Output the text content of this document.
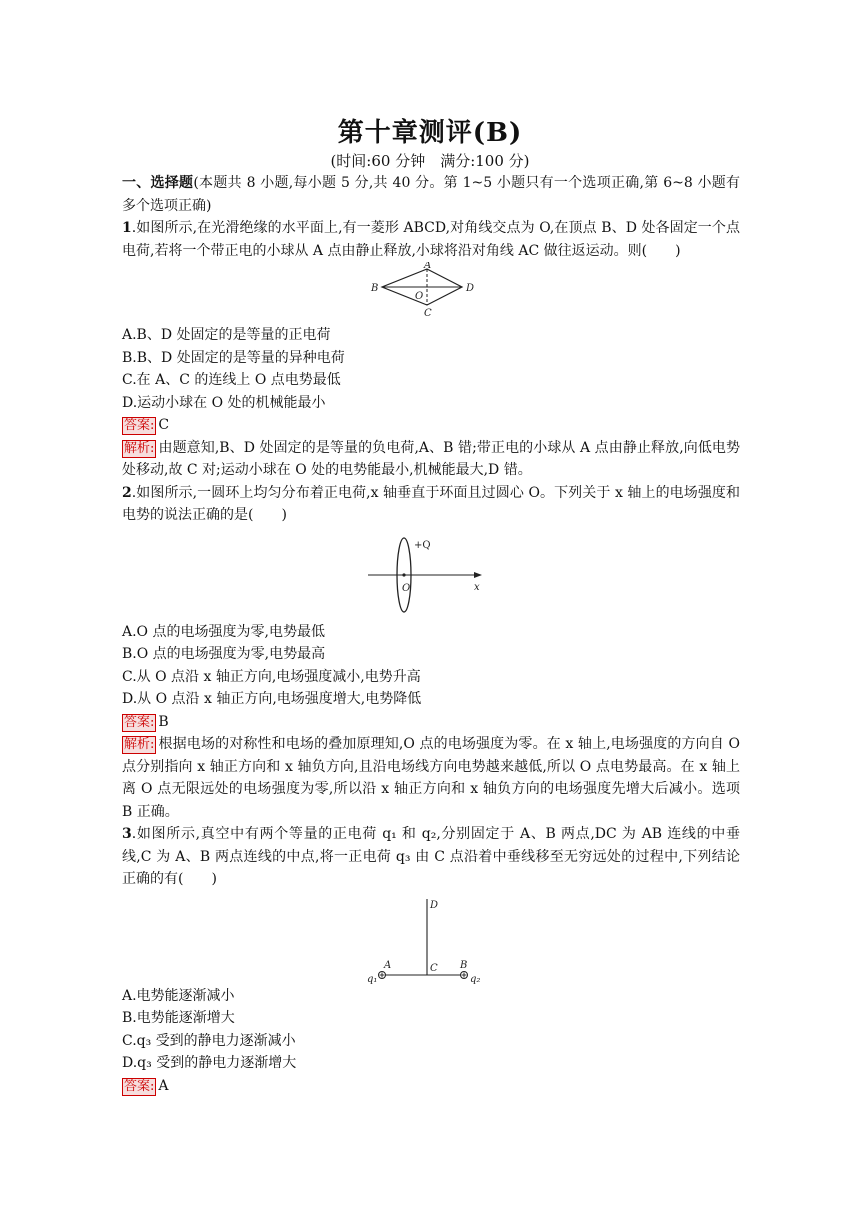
第十章测评(B)
(时间:60 分钟　满分:100 分)

一、选择题(本题共 8 小题,每小题 5 分,共 40 分。第 1~5 小题只有一个选项正确,第 6~8 小题有多个选项正确)

1.如图所示,在光滑绝缘的水平面上,有一菱形 ABCD,对角线交点为 O,在顶点 B、D 处各固定一个点电荷,若将一个带正电的小球从 A 点由静止释放,小球将沿对角线 AC 做往返运动。则(　　)

A
B
C
D
O

A.B、D 处固定的是等量的正电荷

B.B、D 处固定的是等量的异种电荷

C.在 A、C 的连线上 O 点电势最低

D.运动小球在 O 处的机械能最小

答案: C

解析: 由题意知,B、D 处固定的是等量的负电荷,A、B 错;带正电的小球从 A 点由静止释放,向低电势处移动,故 C 对;运动小球在 O 处的电势能最小,机械能最大,D 错。

2.如图所示,一圆环上均匀分布着正电荷,x 轴垂直于环面且过圆心 O。下列关于 x 轴上的电场强度和电势的说法正确的是(　　)

+Q
O	x

A.O 点的电场强度为零,电势最低

B.O 点的电场强度为零,电势最高

C.从 O 点沿 x 轴正方向,电场强度减小,电势升高

D.从 O 点沿 x 轴正方向,电场强度增大,电势降低

答案: B

解析: 根据电场的对称性和电场的叠加原理知,O 点的电场强度为零。在 x 轴上,电场强度的方向自 O 点分别指向 x 轴正方向和 x 轴负方向,且沿电场线方向电势越来越低,所以 O 点电势最高。在 x 轴上离 O 点无限远处的电场强度为零,所以沿 x 轴正方向和 x 轴负方向的电场强度先增大后减小。选项 B 正确。

3.如图所示,真空中有两个等量的正电荷 q₁ 和 q₂,分别固定于 A、B 两点,DC 为 AB 连线的中垂线,C 为 A、B 两点连线的中点,将一正电荷 q₃ 由 C 点沿着中垂线移至无穷远处的过程中,下列结论正确的有(　　)

D
A	B
C
q₁	q₂

A.电势能逐渐减小

B.电势能逐渐增大

C.q₃ 受到的静电力逐渐减小

D.q₃ 受到的静电力逐渐增大

答案: A
